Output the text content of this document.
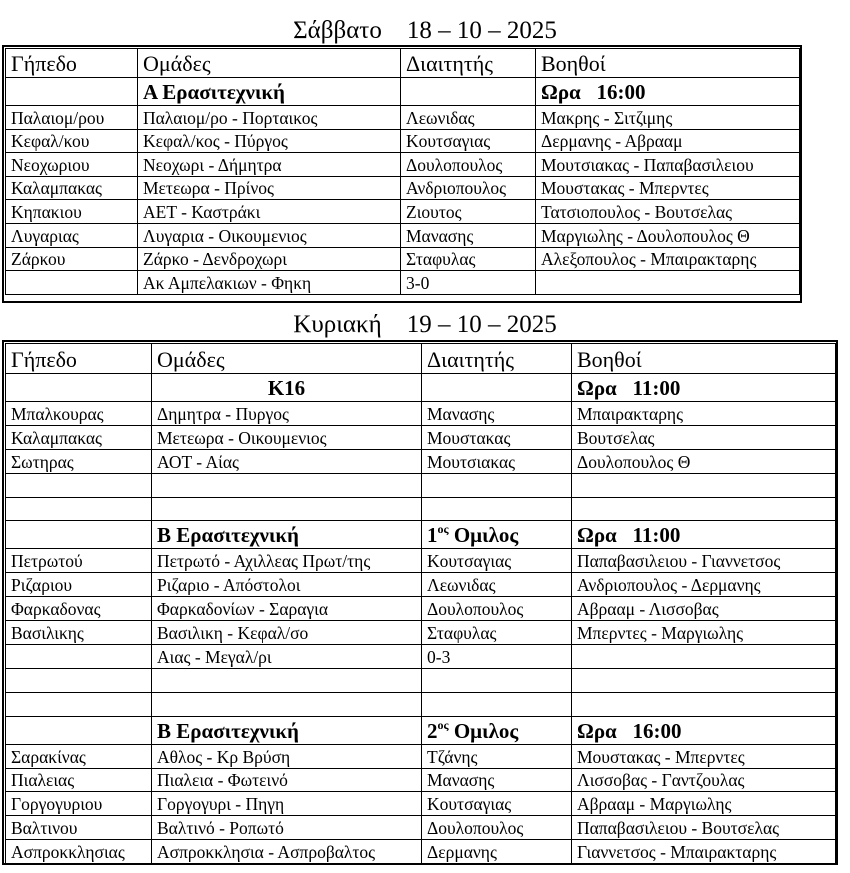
Σάββατο 18 – 10 – 2025
Γήπεδο	Ομάδες	Διαιτητής	Βοηθοί
	Α Ερασιτεχνική		Ωρα 16:00
Παλαιομ/ρου	Παλαιομ/ρο - Πορταικος	Λεωνιδας	Μακρης - Σιτζιμης
Κεφαλ/κου	Κεφαλ/κος - Πύργος	Κουτσαγιας	Δερμανης - Αβρααμ
Νεοχωριου	Νεοχωρι - Δήμητρα	Δουλοπουλος	Μουτσιακας - Παπαβασιλειου
Καλαμπακας	Μετεωρα - Πρίνος	Ανδριοπουλος	Μουστακας - Μπερντες
Κηπακιου	ΑΕΤ - Καστράκι	Ζιουτος	Τατσιοπουλος - Βουτσελας
Λυγαριας	Λυγαρια - Οικουμενιος	Μανασης	Μαργιωλης - Δουλοπουλος Θ
Ζάρκου	Ζάρκο - Δενδροχωρι	Σταφυλας	Αλεξοπουλος - Μπαιρακταρης
	Ακ Αμπελακιων - Φηκη	3-0	
Κυριακή 19 – 10 – 2025
Γήπεδο	Ομάδες	Διαιτητής	Βοηθοί
	Κ16		Ωρα 11:00
Μπαλκουρας	Δημητρα - Πυργος	Μανασης	Μπαιρακταρης
Καλαμπακας	Μετεωρα - Οικουμενιος	Μουστακας	Βουτσελας
Σωτηρας	ΑΟΤ - Αίας	Μουτσιακας	Δουλοπουλος Θ

	Β Ερασιτεχνική	$1^{o\varsigma}$ Ομιλος	Ωρα 11:00
Πετρωτού	Πετρωτό - Αχιλλεας Πρωτ/της	Κουτσαγιας	Παπαβασιλειου - Γιαννετσος
Ριζαριου	Ριζαριο - Απόστολοι	Λεωνιδας	Ανδριοπουλος - Δερμανης
Φαρκαδονας	Φαρκαδονίων - Σαραγια	Δουλοπουλος	Αβρααμ - Λισσοβας
Βασιλικης	Βασιλικη - Κεφαλ/σο	Σταφυλας	Μπερντες - Μαργιωλης
	Αιας - Μεγαλ/ρι	0-3	

	Β Ερασιτεχνική	$2^{o\varsigma}$ Ομιλος	Ωρα 16:00
Σαρακίνας	Αθλος - Κρ Βρύση	Τζάνης	Μουστακας - Μπερντες
Πιαλειας	Πιαλεια - Φωτεινό	Μανασης	Λισσοβας - Γαντζουλας
Γοργογυριου	Γοργογυρι - Πηγη	Κουτσαγιας	Αβρααμ - Μαργιωλης
Βαλτινου	Βαλτινό - Ροπωτό	Δουλοπουλος	Παπαβασιλειου - Βουτσελας
Ασπροκκλησιας	Ασπροκκλησια - Ασπροβαλτος	Δερμανης	Γιαννετσος - Μπαιρακταρης
